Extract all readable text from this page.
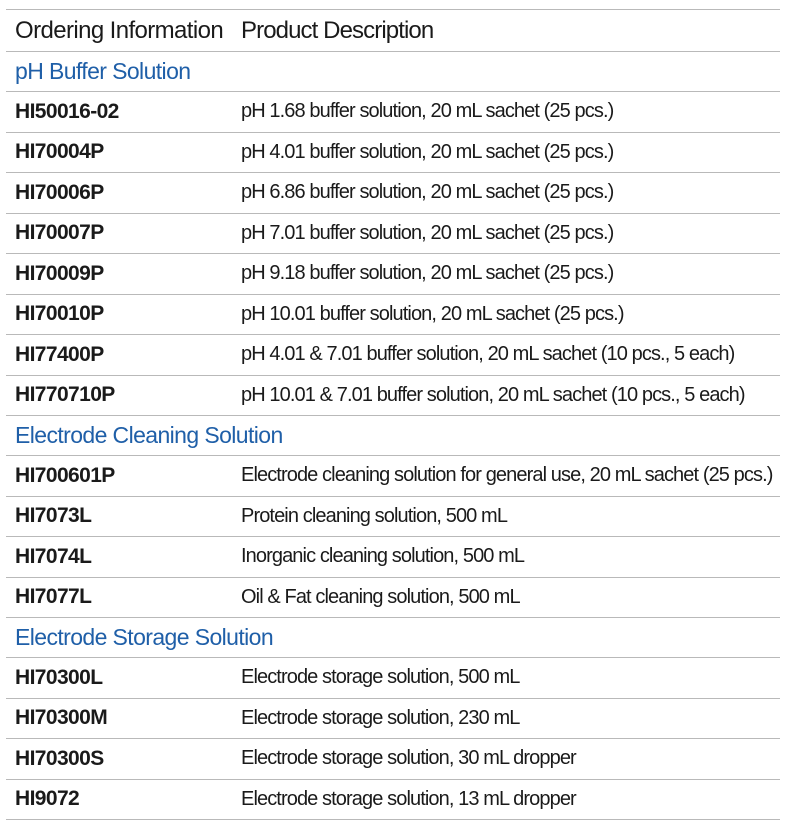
Ordering Information Product Description
pH Buffer Solution
HI50016-02	pH 1.68 buffer solution, 20 mL sachet (25 pcs.)
HI70004P	pH 4.01 buffer solution, 20 mL sachet (25 pcs.)
HI70006P	pH 6.86 buffer solution, 20 mL sachet (25 pcs.)
HI70007P	pH 7.01 buffer solution, 20 mL sachet (25 pcs.)
HI70009P	pH 9.18 buffer solution, 20 mL sachet (25 pcs.)
HI70010P	pH 10.01 buffer solution, 20 mL sachet (25 pcs.)
HI77400P	pH 4.01 & 7.01 buffer solution, 20 mL sachet (10 pcs., 5 each)
HI770710P	pH 10.01 & 7.01 buffer solution, 20 mL sachet (10 pcs., 5 each)
Electrode Cleaning Solution
HI700601P	Electrode cleaning solution for general use, 20 mL sachet (25 pcs.)
HI7073L	Protein cleaning solution, 500 mL
HI7074L	Inorganic cleaning solution, 500 mL
HI7077L	Oil & Fat cleaning solution, 500 mL
Electrode Storage Solution
HI70300L	Electrode storage solution, 500 mL
HI70300M	Electrode storage solution, 230 mL
HI70300S	Electrode storage solution, 30 mL dropper
HI9072	Electrode storage solution, 13 mL dropper
